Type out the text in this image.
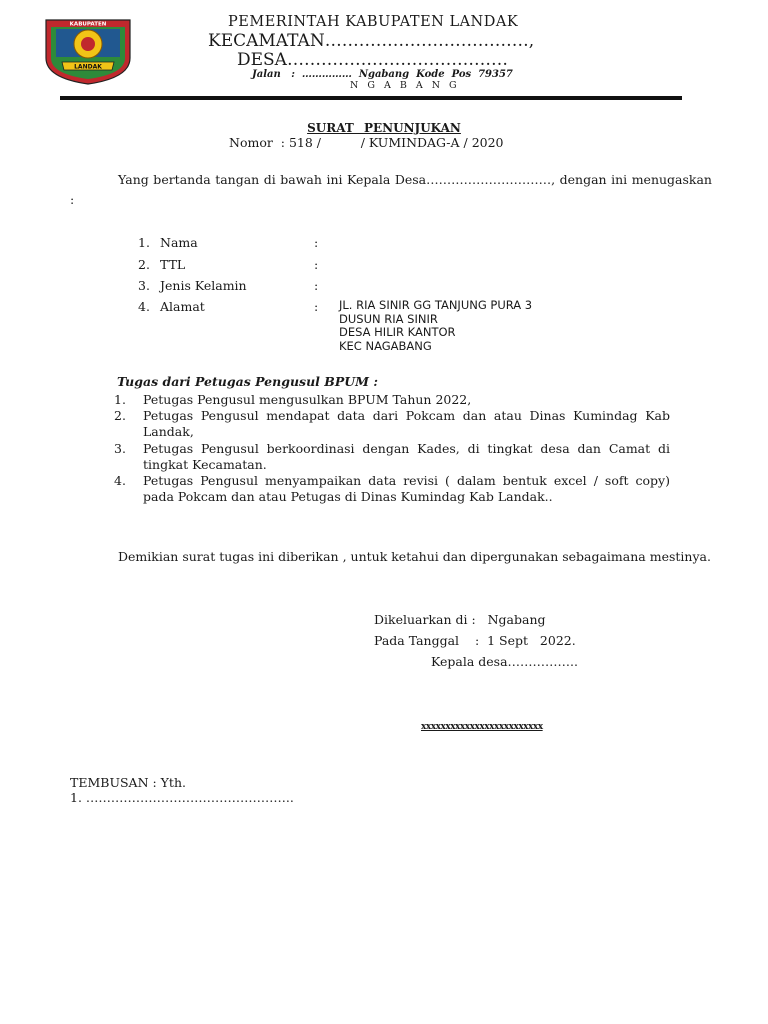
KABUPATEN
LANDAK
PEMERINTAH KABUPATEN LANDAK
KECAMATAN………………………………,
DESA…………………………………
Jalan   :  ……………  Ngabang  Kode  Pos  79357
N G A B A N G
SURAT PENUNJUKAN
Nomor  : 518 /          / KUMINDAG-A / 2020
Yang bertanda tangan di bawah ini Kepala Desa…………………………, dengan ini menugaskan :
1. Nama	:
2. TTL	:
3. Jenis Kelamin	:
4. Alamat	: JL. RIA SINIR GG TANJUNG PURA 3
DUSUN RIA SINIR
DESA HILIR KANTOR
KEC NAGABANG
Tugas dari Petugas Pengusul BPUM :
1. Petugas Pengusul mengusulkan BPUM Tahun 2022,
2. Petugas Pengusul mendapat data dari Pokcam dan atau Dinas Kumindag Kab Landak,
3. Petugas Pengusul berkoordinasi dengan Kades, di tingkat desa dan Camat di tingkat Kecamatan.
4. Petugas Pengusul menyampaikan data revisi ( dalam bentuk excel / soft copy) pada Pokcam dan atau Petugas di Dinas Kumindag Kab Landak..
Demikian surat tugas ini diberikan , untuk ketahui dan dipergunakan sebagaimana mestinya.
Dikeluarkan di :   Ngabang
Pada Tanggal    :  1 Sept   2022.
Kepala desa……………..
xxxxxxxxxxxxxxxxxxxxxxxxx
TEMBUSAN : Yth.
1. …………………………………………..
